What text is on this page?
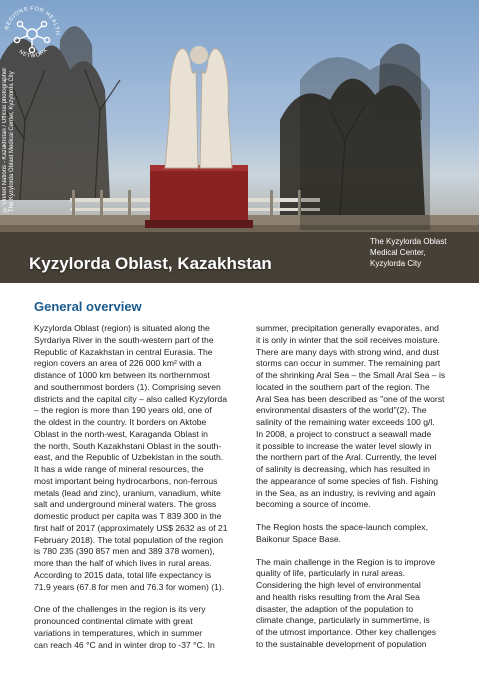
© United Nations - Kazakhstan / Official photographer
The Kyzylorda Oblast Medical Center, Kyzylorda City
REGIONS FOR HEALTH
NETWORK
Kyzylorda Oblast, Kazakhstan
The Kyzylorda Oblast
Medical Center,
Kyzylorda City
General overview

Kyzylorda Oblast (region) is situated along the
Syrdariya River in the south-western part of the
Republic of Kazakhstan in central Eurasia. The
region covers an area of 226 000 km² with a
distance of 1000 km between its northernmost
and southernmost borders (1). Comprising seven
districts and the capital city – also called Kyzylorda
– the region is more than 190 years old, one of
the oldest in the country. It borders on Aktobe
Oblast in the north-west, Karaganda Oblast in
the north, South Kazakhstani Oblast in the south-
east, and the Republic of Uzbekistan in the south.
It has a wide range of mineral resources, the
most important being hydrocarbons, non-ferrous
metals (lead and zinc), uranium, vanadium, white
salt and underground mineral waters. The gross
domestic product per capita was T 839 300 in the
first half of 2017 (approximately US$ 2632 as of 21
February 2018). The total population of the region
is 780 235 (390 857 men and 389 378 women),
more than the half of which lives in rural areas.
According to 2015 data, total life expectancy is
71.9 years (67.8 for men and 76.3 for women) (1).

One of the challenges in the region is its very
pronounced continental climate with great
variations in temperatures, which in summer
can reach 46 °C and in winter drop to -37 °C. In

summer, precipitation generally evaporates, and
it is only in winter that the soil receives moisture.
There are many days with strong wind, and dust
storms can occur in summer. The remaining part
of the shrinking Aral Sea – the Small Aral Sea – is
located in the southern part of the region. The
Aral Sea has been described as "one of the worst
environmental disasters of the world"(2). The
salinity of the remaining water exceeds 100 g/l.
In 2008, a project to construct a seawall made
it possible to increase the water level slowly in
the northern part of the Aral. Currently, the level
of salinity is decreasing, which has resulted in
the appearance of some species of fish. Fishing
in the Sea, as an industry, is reviving and again
becoming a source of income.

The Region hosts the space-launch complex,
Baikonur Space Base.

The main challenge in the Region is to improve
quality of life, particularly in rural areas.
Considering the high level of environmental
and health risks resulting from the Aral Sea
disaster, the adaption of the population to
climate change, particularly in summertime, is
of the utmost importance. Other key challenges
to the sustainable development of population
